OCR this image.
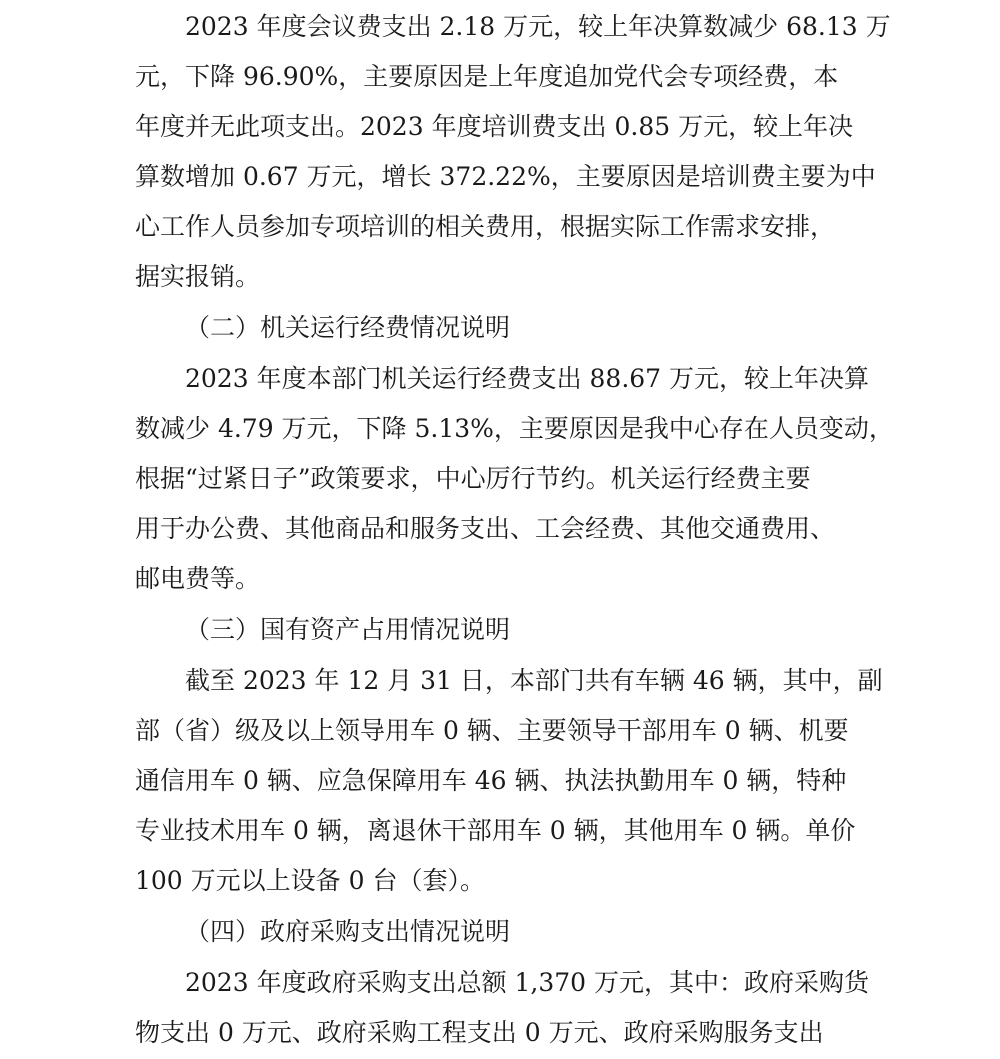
2023 年度会议费支出 2.18 万元，较上年决算数减少 68.13 万
元，下降 96.90%，主要原因是上年度追加党代会专项经费，本
年度并无此项支出。2023 年度培训费支出 0.85 万元，较上年决
算数增加 0.67 万元，增长 372.22%，主要原因是培训费主要为中
心工作人员参加专项培训的相关费用，根据实际工作需求安排，
据实报销。
（二）机关运行经费情况说明
2023 年度本部门机关运行经费支出 88.67 万元，较上年决算
数减少 4.79 万元，下降 5.13%，主要原因是我中心存在人员变动，
根据“过紧日子”政策要求，中心厉行节约。机关运行经费主要
用于办公费、其他商品和服务支出、工会经费、其他交通费用、
邮电费等。
（三）国有资产占用情况说明
截至 2023 年 12 月 31 日，本部门共有车辆 46 辆，其中，副
部（省）级及以上领导用车 0 辆、主要领导干部用车 0 辆、机要
通信用车 0 辆、应急保障用车 46 辆、执法执勤用车 0 辆，特种
专业技术用车 0 辆，离退休干部用车 0 辆，其他用车 0 辆。单价
100 万元以上设备 0 台（套）。
（四）政府采购支出情况说明
2023 年度政府采购支出总额 1,370 万元，其中：政府采购货
物支出 0 万元、政府采购工程支出 0 万元、政府采购服务支出
